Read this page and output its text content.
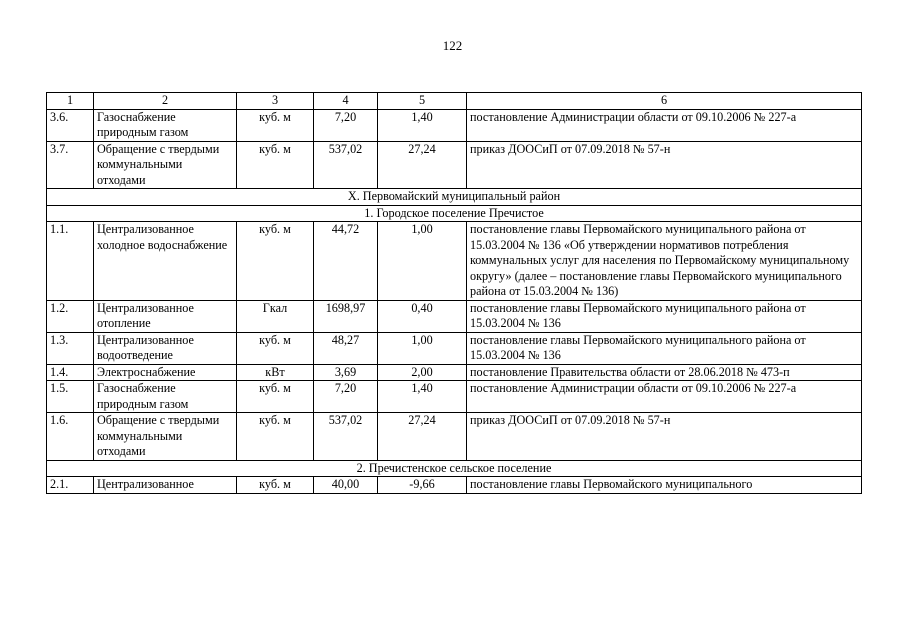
122
1	2	3	4	5	6
3.6.	Газоснабжение природным газом	куб. м	7,20	1,40	постановление Администрации области от 09.10.2006 № 227-а
3.7.	Обращение с твердыми коммунальными отходами	куб. м	537,02	27,24	приказ ДООСиП от 07.09.2018 № 57-н
X. Первомайский муниципальный район					
1. Городское поселение Пречистое					
1.1.	Централизованное холодное водоснабжение	куб. м	44,72	1,00	постановление главы Первомайского муниципального района от 15.03.2004 № 136 «Об утверждении нормативов потребления коммунальных услуг для населения по Первомайскому муниципальному округу» (далее – постановление главы Первомайского муниципального района от 15.03.2004 № 136)
1.2.	Централизованное отопление	Гкал	1698,97	0,40	постановление главы Первомайского муниципального района от 15.03.2004 № 136
1.3.	Централизованное водоотведение	куб. м	48,27	1,00	постановление главы Первомайского муниципального района от 15.03.2004 № 136
1.4.	Электроснабжение	кВт	3,69	2,00	постановление Правительства области от 28.06.2018 № 473-п
1.5.	Газоснабжение природным газом	куб. м	7,20	1,40	постановление Администрации области от 09.10.2006 № 227-а
1.6.	Обращение с твердыми коммунальными отходами	куб. м	537,02	27,24	приказ ДООСиП от 07.09.2018 № 57-н
2. Пречистенское сельское поселение					
2.1.	Централизованное	куб. м	40,00	-9,66	постановление главы Первомайского муниципального
